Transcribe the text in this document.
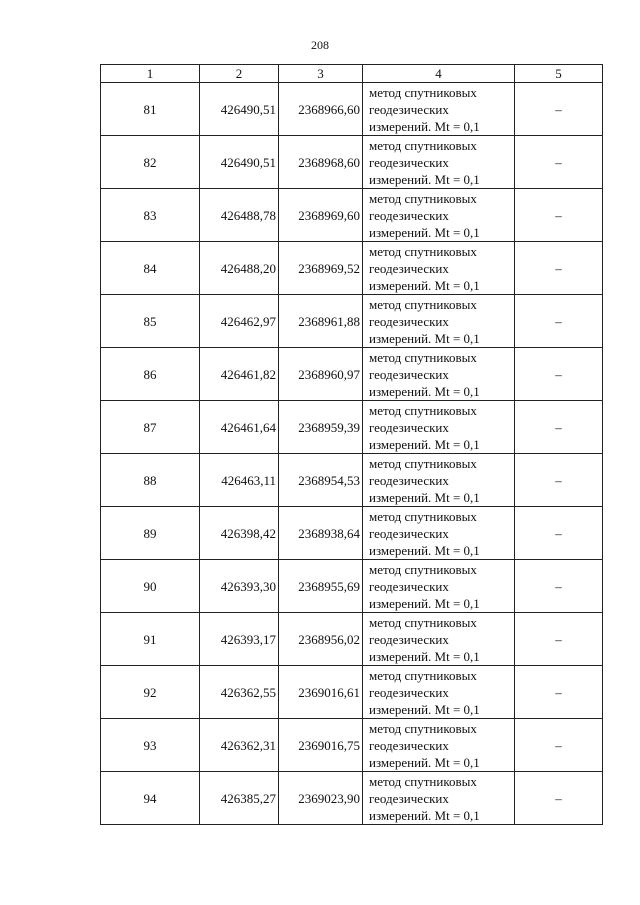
208
1	2	3	4	5
81	426490,51	2368966,60	метод спутниковых
геодезических
измерений. Mt = 0,1	–
82	426490,51	2368968,60	метод спутниковых
геодезических
измерений. Mt = 0,1	–
83	426488,78	2368969,60	метод спутниковых
геодезических
измерений. Mt = 0,1	–
84	426488,20	2368969,52	метод спутниковых
геодезических
измерений. Mt = 0,1	–
85	426462,97	2368961,88	метод спутниковых
геодезических
измерений. Mt = 0,1	–
86	426461,82	2368960,97	метод спутниковых
геодезических
измерений. Mt = 0,1	–
87	426461,64	2368959,39	метод спутниковых
геодезических
измерений. Mt = 0,1	–
88	426463,11	2368954,53	метод спутниковых
геодезических
измерений. Mt = 0,1	–
89	426398,42	2368938,64	метод спутниковых
геодезических
измерений. Mt = 0,1	–
90	426393,30	2368955,69	метод спутниковых
геодезических
измерений. Mt = 0,1	–
91	426393,17	2368956,02	метод спутниковых
геодезических
измерений. Mt = 0,1	–
92	426362,55	2369016,61	метод спутниковых
геодезических
измерений. Mt = 0,1	–
93	426362,31	2369016,75	метод спутниковых
геодезических
измерений. Mt = 0,1	–
94	426385,27	2369023,90	метод спутниковых
геодезических
измерений. Mt = 0,1	–
